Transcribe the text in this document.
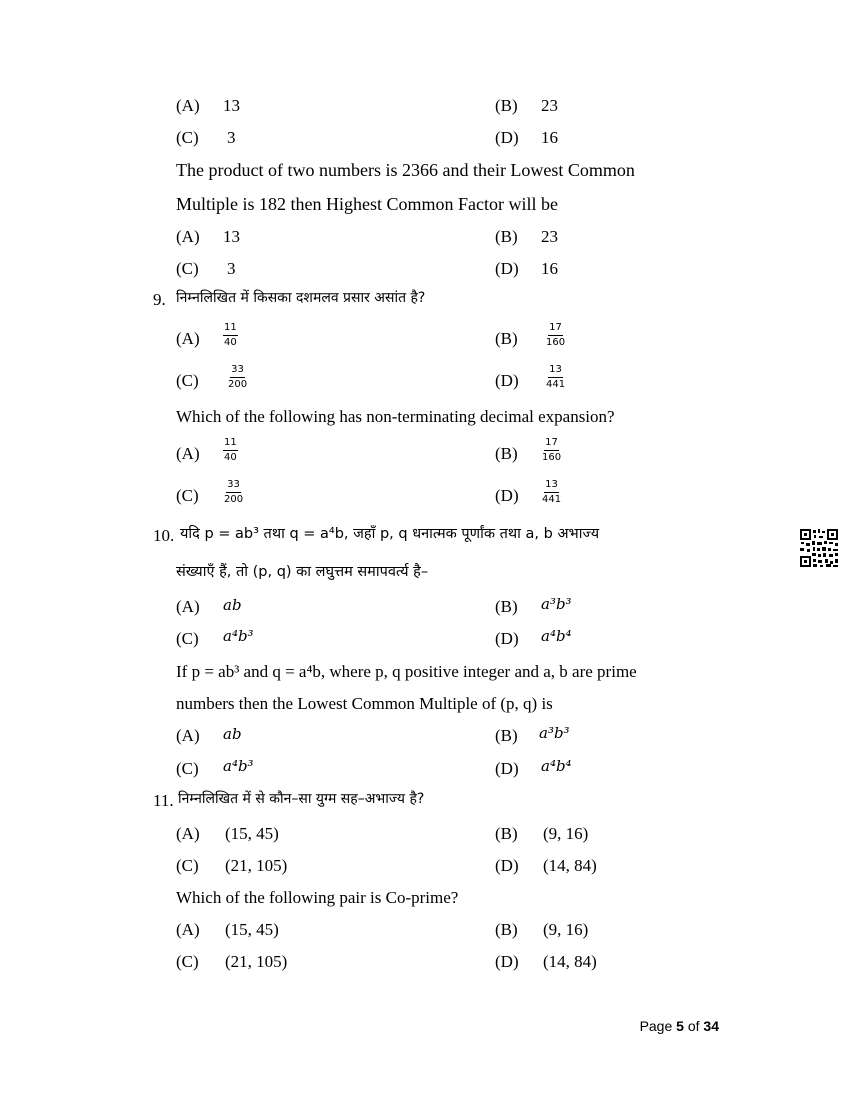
(A) 13	(B) 23
(C) 3	(D) 16
The product of two numbers is 2366 and their Lowest Common
Multiple is 182 then Highest Common Factor will be
(A) 13	(B) 23
(C) 3	(D) 16
9. निम्नलिखित में किसका दशमलव प्रसार असांत है?
$(A) \frac{11}{40}$	(B)	$\frac{17}{160}$
(C)	$\frac{33}{200}$	(D)	$\frac{13}{441}$
Which of the following has non-terminating decimal expansion?
$(A) \frac{11}{40}$	$(B) \frac{17}{160}$
(C)	$\frac{33}{200}$	$(D) \frac{13}{441}$
10. यदि p = ab³ तथा q = a⁴b, जहाँ p, q धनात्मक पूर्णांक तथा a, b अभाज्य
संख्याएँ हैं, तो (p, q) का लघुत्तम समापवर्त्य है–
(A) ab	(B) a³b³
(C) a⁴b³	(D) a⁴b⁴
If p = ab³ and q = a⁴b, where p, q positive integer and a, b are prime
numbers then the Lowest Common Multiple of (p, q) is
(A) ab	(B) a³b³
(C) a⁴b³	(D) a⁴b⁴
11. निम्नलिखित में से कौन–सा युग्म सह–अभाज्य है?
(A) (15, 45)	(B) (9, 16)
(C) (21, 105)	(D) (14, 84)
Which of the following pair is Co-prime?
(A) (15, 45)	(B) (9, 16)
(C) (21, 105)	(D) (14, 84)
Page 5 of 34
